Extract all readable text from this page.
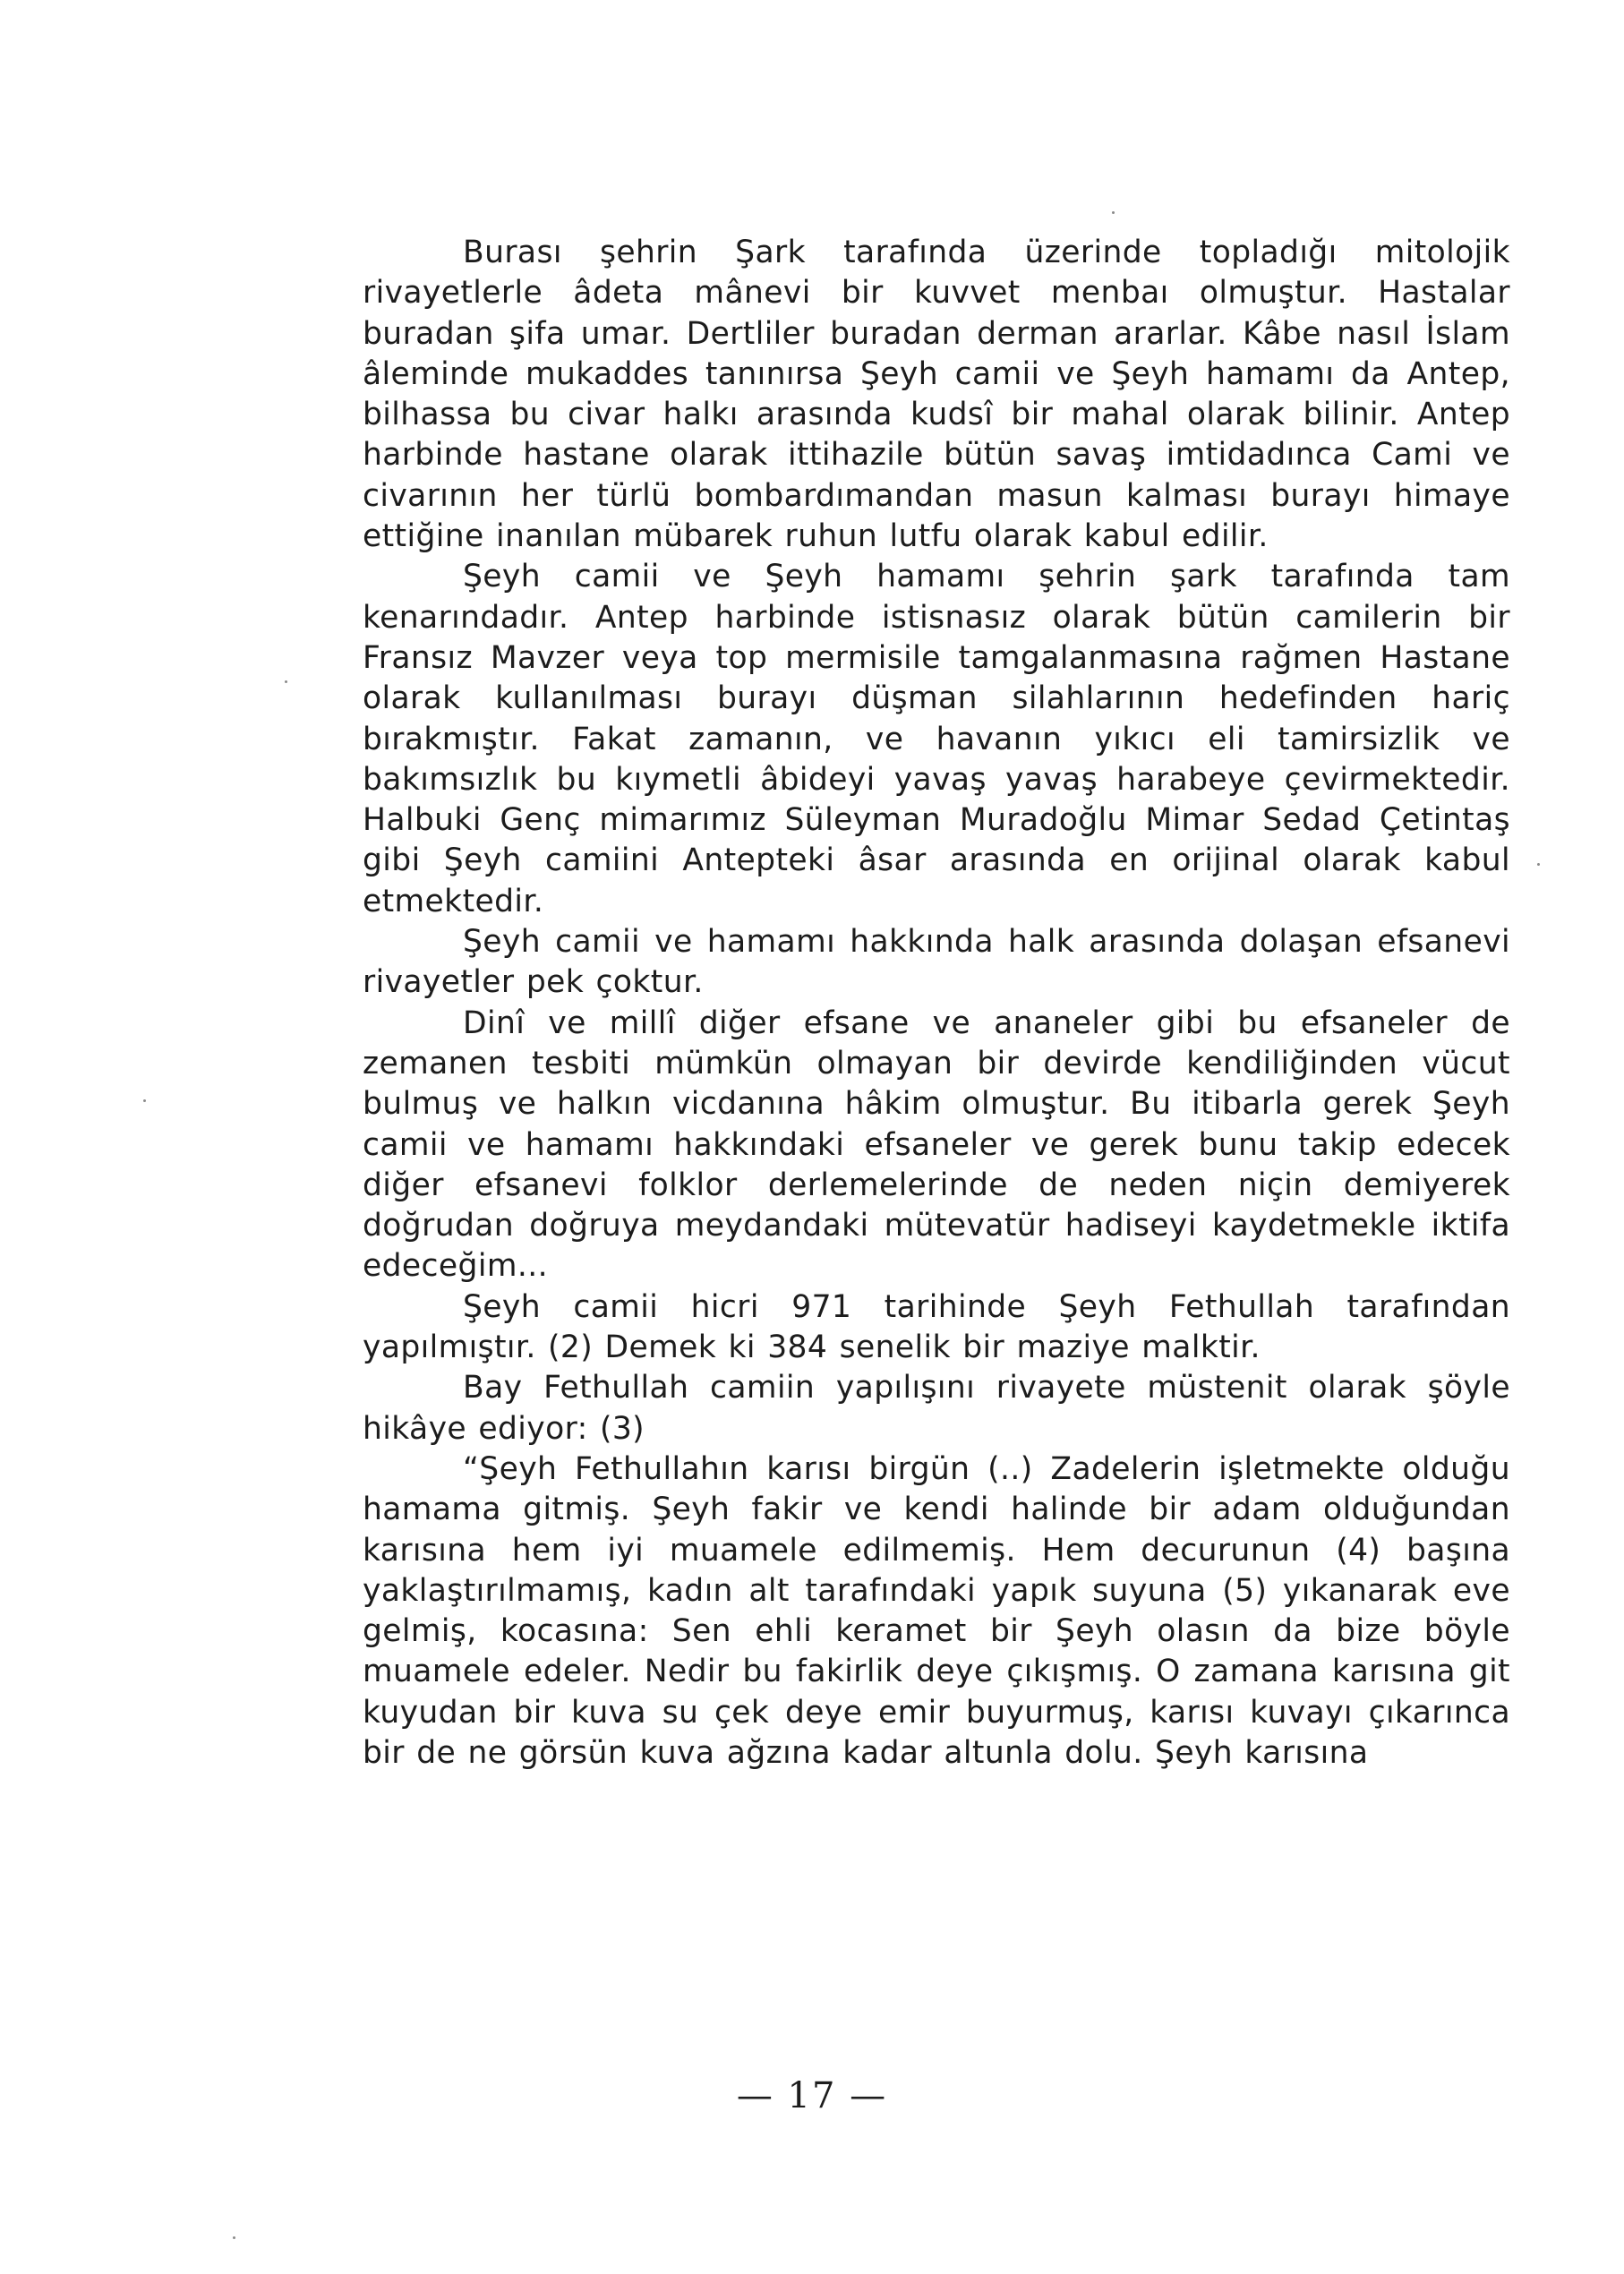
Burası şehrin Şark tarafında üzerinde topladığı mitolojik rivayetlerle âdeta mânevi bir kuvvet menbaı olmuştur. Hastalar buradan şifa umar. Dertliler buradan derman ararlar. Kâbe nasıl İslam âleminde mukaddes tanınırsa Şeyh camii ve Şeyh hamamı da Antep, bilhassa bu civar halkı arasında kudsî bir mahal olarak bilinir. Antep harbinde hastane olarak ittihazile bütün savaş imtidadınca Cami ve civarının her türlü bombardımandan masun kalması burayı himaye ettiğine inanılan mübarek ruhun lutfu olarak kabul edilir.

Şeyh camii ve Şeyh hamamı şehrin şark tarafında tam kenarındadır. Antep harbinde istisnasız olarak bütün camilerin bir Fransız Mavzer veya top mermisile tamgalanmasına rağmen Hastane olarak kullanılması burayı düşman silahlarının hedefinden hariç bırakmıştır. Fakat zamanın, ve havanın yıkıcı eli tamirsizlik ve bakımsızlık bu kıymetli âbideyi yavaş yavaş harabeye çevirmektedir. Halbuki Genç mimarımız Süleyman Muradoğlu Mimar Sedad Çetintaş gibi Şeyh camiini Antepteki âsar arasında en orijinal olarak kabul etmektedir.

Şeyh camii ve hamamı hakkında halk arasında dolaşan efsanevi rivayetler pek çoktur.

Dinî ve millî diğer efsane ve ananeler gibi bu efsaneler de zemanen tesbiti mümkün olmayan bir devirde kendiliğinden vücut bulmuş ve halkın vicdanına hâkim olmuştur. Bu itibarla gerek Şeyh camii ve hamamı hakkındaki efsaneler ve gerek bunu takip edecek diğer efsanevi folklor derlemelerinde de neden niçin demiyerek doğrudan doğruya meydandaki mütevatür hadiseyi kaydetmekle iktifa edeceğim...

Şeyh camii hicri 971 tarihinde Şeyh Fethullah tarafından yapılmıştır. (2) Demek ki 384 senelik bir maziye malktir.

Bay Fethullah camiin yapılışını rivayete müstenit olarak şöyle hikâye ediyor: (3)

“Şeyh Fethullahın karısı birgün (..) Zadelerin işletmekte olduğu hamama gitmiş. Şeyh fakir ve kendi halinde bir adam olduğundan karısına hem iyi muamele edilmemiş. Hem decurunun (4) başına yaklaştırılmamış, kadın alt tarafındaki yapık suyuna (5) yıkanarak eve gelmiş, kocasına: Sen ehli keramet bir Şeyh olasın da bize böyle muamele edeler. Nedir bu fakirlik deye çıkışmış. O zamana karısına git kuyudan bir kuva su çek deye emir buyurmuş, karısı kuvayı çıkarınca bir de ne görsün kuva ağzına kadar altunla dolu. Şeyh karısına

— 17 —
